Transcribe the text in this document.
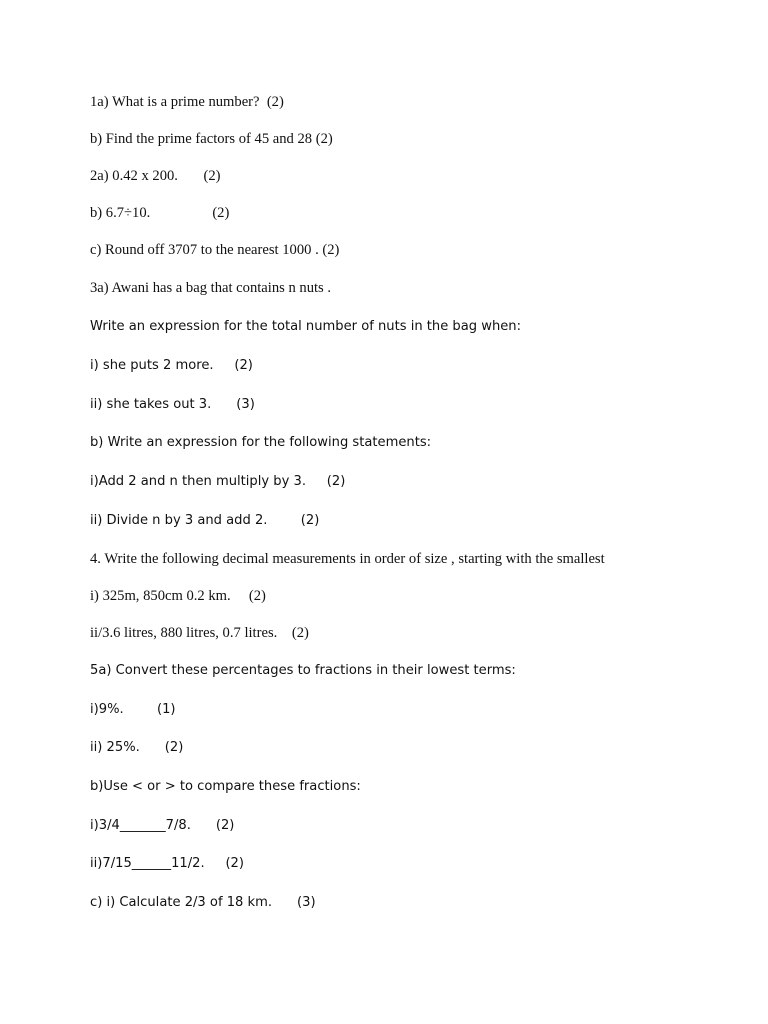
1a) What is a prime number?  (2)
b) Find the prime factors of 45 and 28 (2)
2a) 0.42 x 200.       (2)
b) 6.7÷10.                 (2)
c) Round off 3707 to the nearest 1000 . (2)
3a) Awani has a bag that contains n nuts .
Write an expression for the total number of nuts in the bag when:
i) she puts 2 more.     (2)
ii) she takes out 3.      (3)
b) Write an expression for the following statements:
i)Add 2 and n then multiply by 3.     (2)
ii) Divide n by 3 and add 2.        (2)
4. Write the following decimal measurements in order of size , starting with the smallest
i) 325m, 850cm 0.2 km.     (2)
ii/3.6 litres, 880 litres, 0.7 litres.    (2)
5a) Convert these percentages to fractions in their lowest terms:
i)9%.        (1)
ii) 25%.      (2)
b)Use < or > to compare these fractions:
i)3/4_______7/8.      (2)
ii)7/15______11/2.     (2)
c) i) Calculate 2/3 of 18 km.      (3)
